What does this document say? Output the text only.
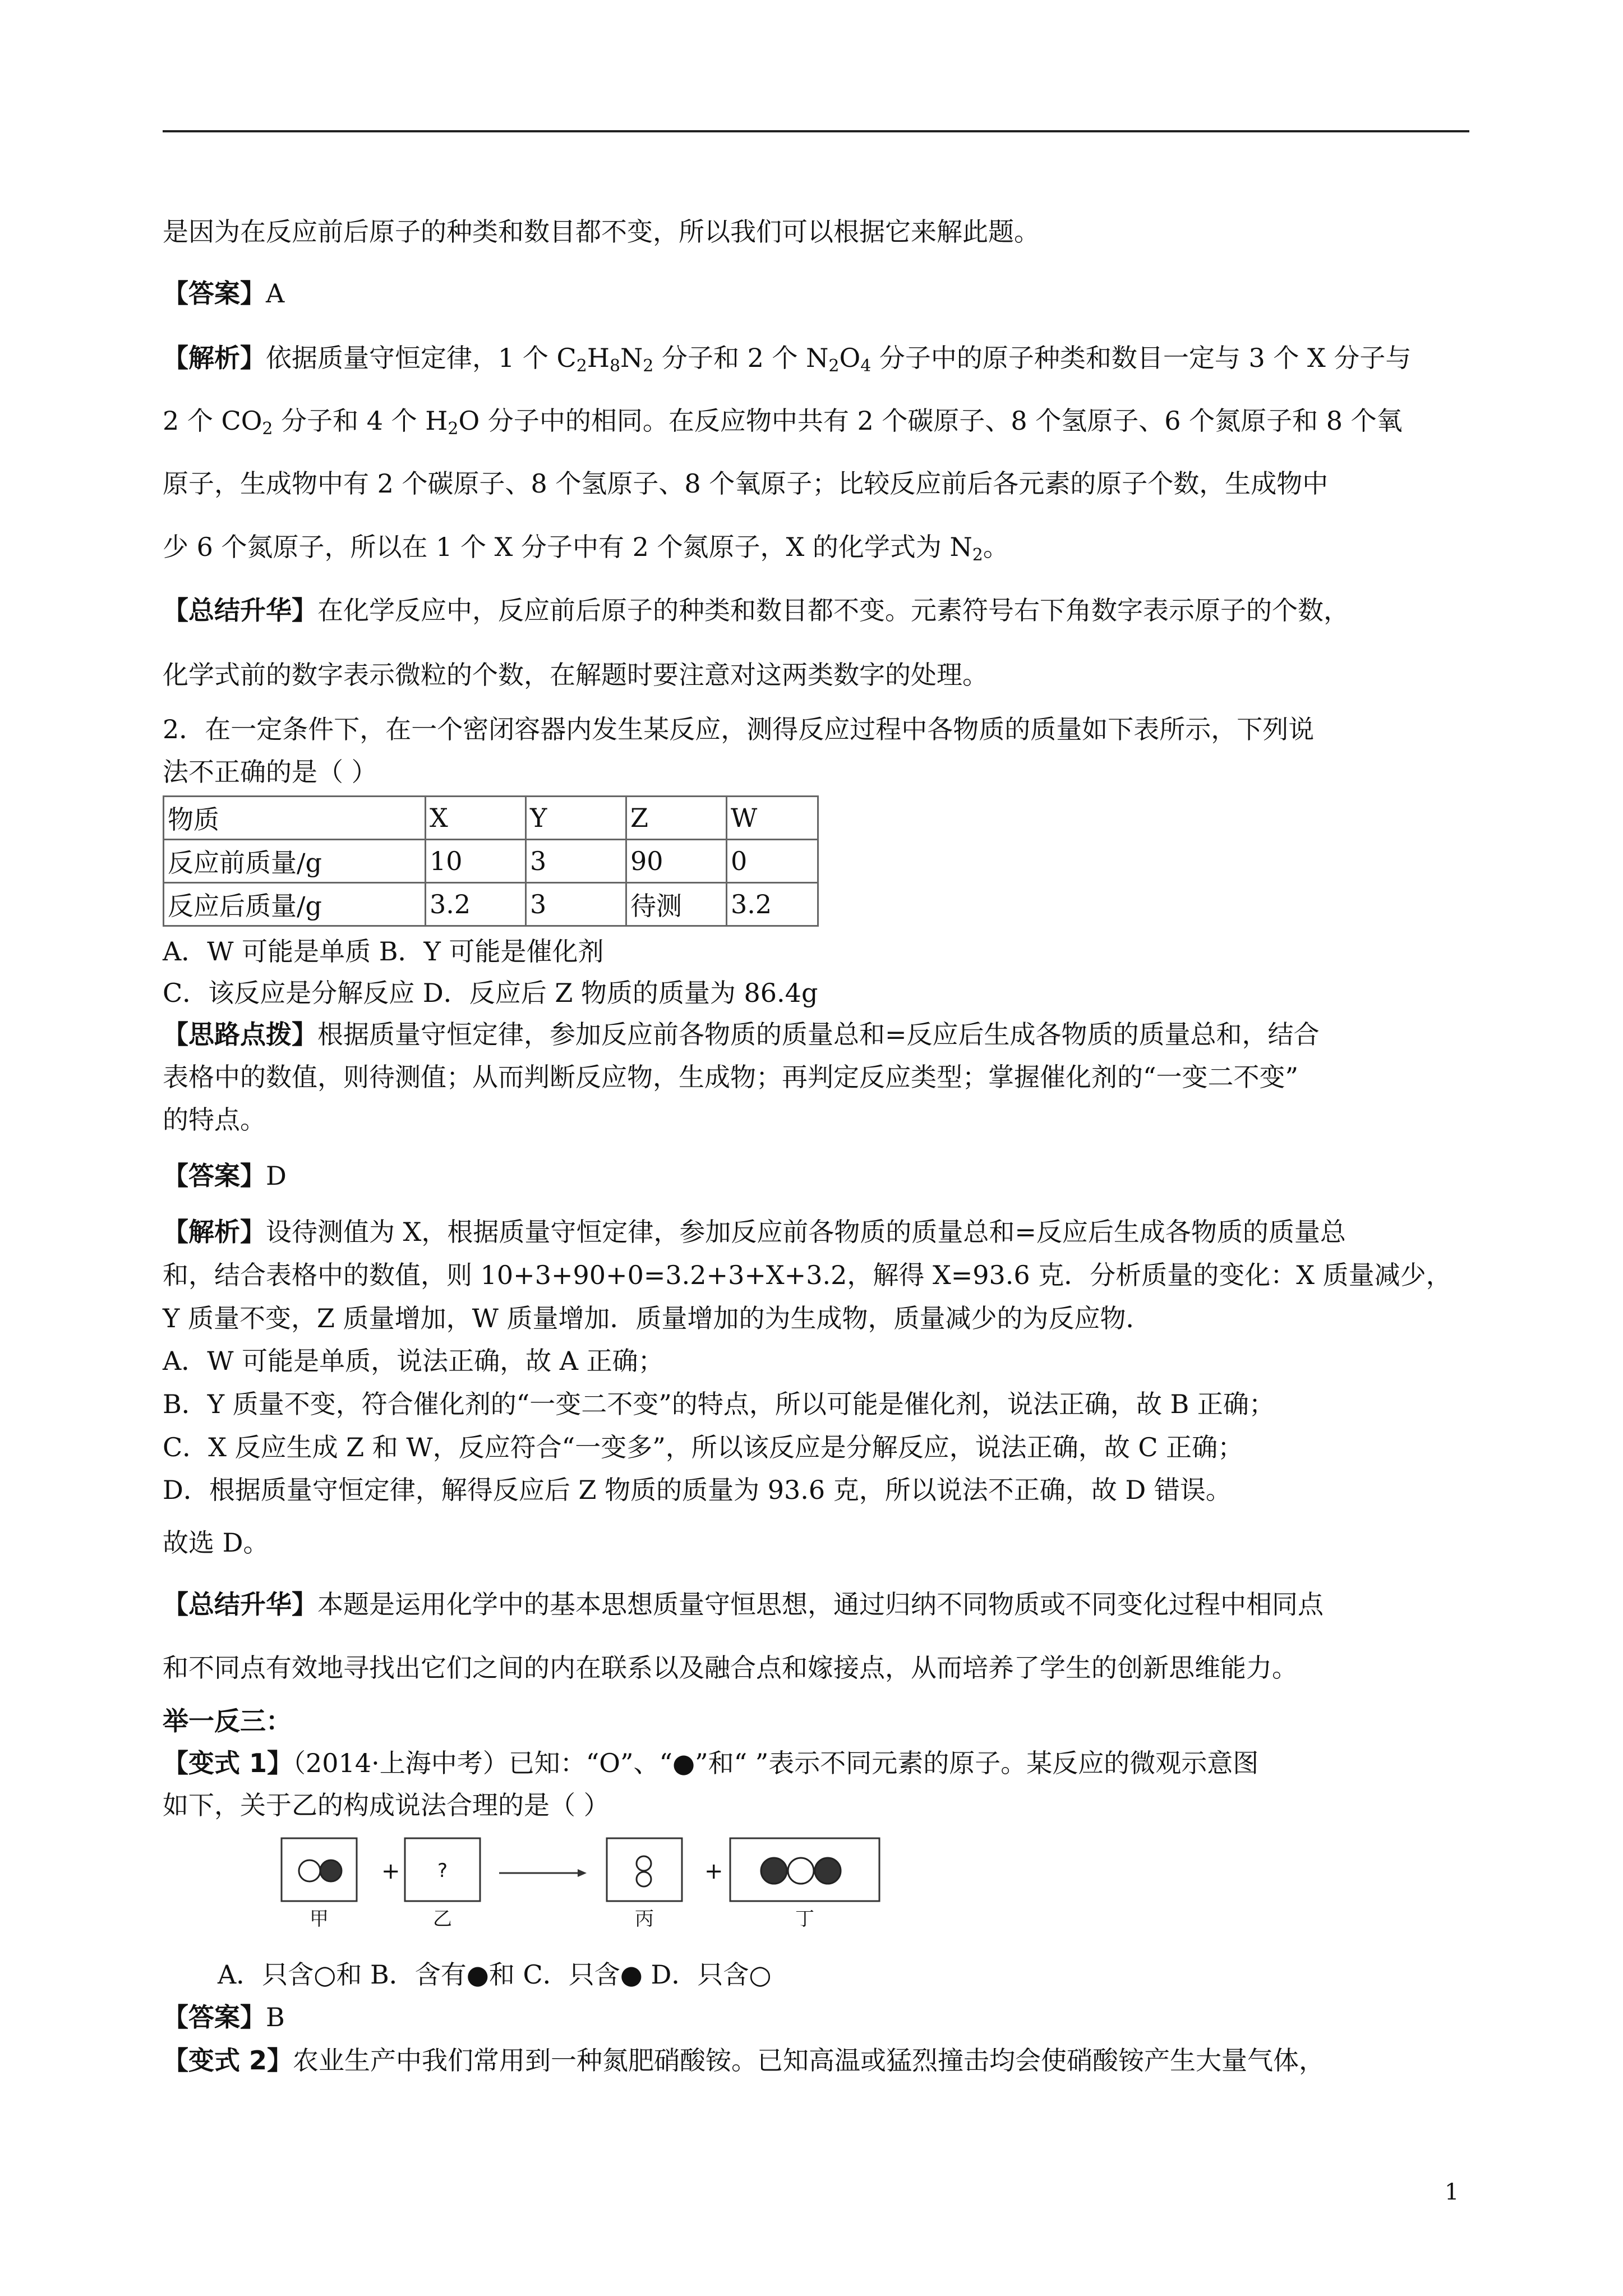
是因为在反应前后原子的种类和数目都不变，所以我们可以根据它来解此题。
【答案】A
【解析】依据质量守恒定律，1 个 $C_2H_8N_2$ 分子和 2 个 $N_2O_4$ 分子中的原子种类和数目一定与 3 个 X 分子与
2 个 $CO_2$ 分子和 4 个 $H_2O$ 分子中的相同。在反应物中共有 2 个碳原子、8 个氢原子、6 个氮原子和 8 个氧
原子，生成物中有 2 个碳原子、8 个氢原子、8 个氧原子；比较反应前后各元素的原子个数，生成物中
少 6 个氮原子，所以在 1 个 X 分子中有 2 个氮原子，X 的化学式为 $N_2$。
【总结升华】在化学反应中，反应前后原子的种类和数目都不变。元素符号右下角数字表示原子的个数，
化学式前的数字表示微粒的个数，在解题时要注意对这两类数字的处理。
2．在一定条件下，在一个密闭容器内发生某反应，测得反应过程中各物质的质量如下表所示，下列说
法不正确的是（ ）
物质	X	Y	Z	W
反应前质量/g	10	3	90	0
反应后质量/g	3.2	3	待测	3.2
A．W 可能是单质 B．Y 可能是催化剂
C．该反应是分解反应 D．反应后 Z 物质的质量为 86.4g
【思路点拨】根据质量守恒定律，参加反应前各物质的质量总和=反应后生成各物质的质量总和，结合
表格中的数值，则待测值；从而判断反应物，生成物；再判定反应类型；掌握催化剂的“一变二不变”
的特点。
【答案】D
【解析】设待测值为 X，根据质量守恒定律，参加反应前各物质的质量总和=反应后生成各物质的质量总
和，结合表格中的数值，则 10+3+90+0=3.2+3+X+3.2，解得 X=93.6 克．分析质量的变化：X 质量减少，
Y 质量不变，Z 质量增加，W 质量增加．质量增加的为生成物，质量减少的为反应物．
A．W 可能是单质，说法正确，故 A 正确；
B．Y 质量不变，符合催化剂的“一变二不变”的特点，所以可能是催化剂，说法正确，故 B 正确；
C．X 反应生成 Z 和 W，反应符合“一变多”，所以该反应是分解反应，说法正确，故 C 正确；
D．根据质量守恒定律，解得反应后 Z 物质的质量为 93.6 克，所以说法不正确，故 D 错误。
故选 D。
【总结升华】本题是运用化学中的基本思想质量守恒思想，通过归纳不同物质或不同变化过程中相同点
和不同点有效地寻找出它们之间的内在联系以及融合点和嫁接点，从而培养了学生的创新思维能力。
举一反三：
【变式 1】（2014·上海中考）已知：“O”、“●”和“ ”表示不同元素的原子。某反应的微观示意图
如下，关于乙的构成说法合理的是（ ）
?
+	+
甲	乙	丙	丁
A．只含○和 B．含有●和 C．只含● D．只含○
【答案】B
【变式 2】农业生产中我们常用到一种氮肥硝酸铵。已知高温或猛烈撞击均会使硝酸铵产生大量气体，
1
